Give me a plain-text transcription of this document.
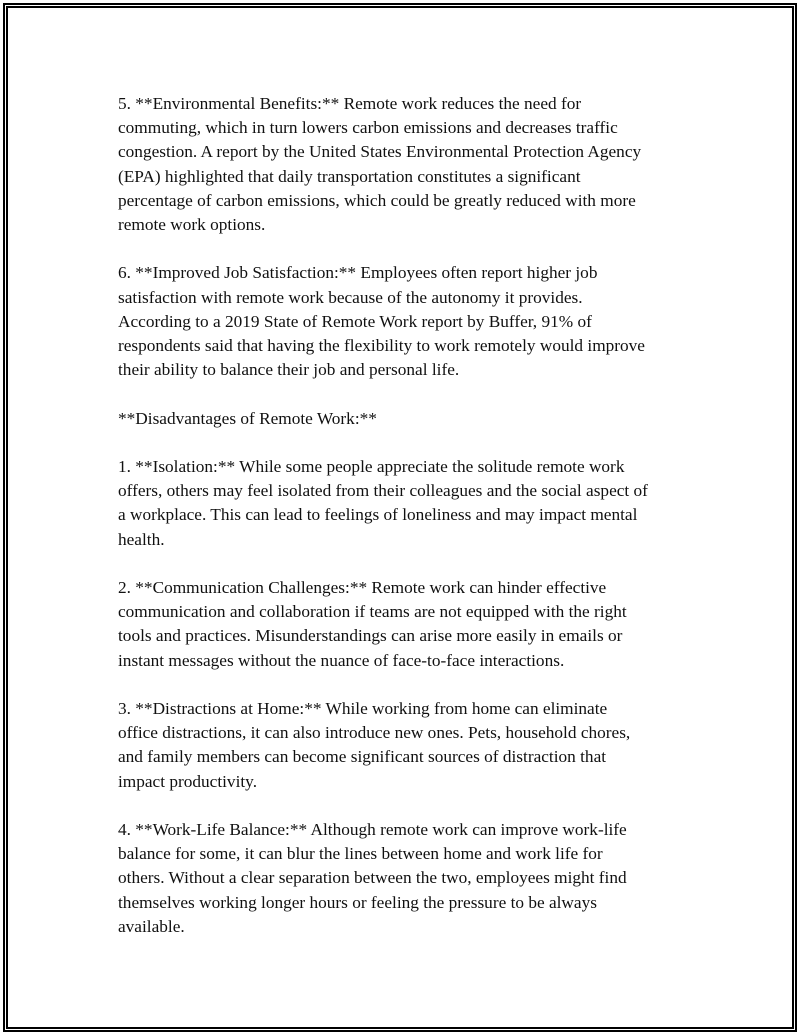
5. **Environmental Benefits:** Remote work reduces the need for
commuting, which in turn lowers carbon emissions and decreases traffic
congestion. A report by the United States Environmental Protection Agency
(EPA) highlighted that daily transportation constitutes a significant
percentage of carbon emissions, which could be greatly reduced with more
remote work options.

6. **Improved Job Satisfaction:** Employees often report higher job
satisfaction with remote work because of the autonomy it provides.
According to a 2019 State of Remote Work report by Buffer, 91% of
respondents said that having the flexibility to work remotely would improve
their ability to balance their job and personal life.

**Disadvantages of Remote Work:**

1. **Isolation:** While some people appreciate the solitude remote work
offers, others may feel isolated from their colleagues and the social aspect of
a workplace. This can lead to feelings of loneliness and may impact mental
health.

2. **Communication Challenges:** Remote work can hinder effective
communication and collaboration if teams are not equipped with the right
tools and practices. Misunderstandings can arise more easily in emails or
instant messages without the nuance of face-to-face interactions.

3. **Distractions at Home:** While working from home can eliminate
office distractions, it can also introduce new ones. Pets, household chores,
and family members can become significant sources of distraction that
impact productivity.

4. **Work-Life Balance:** Although remote work can improve work-life
balance for some, it can blur the lines between home and work life for
others. Without a clear separation between the two, employees might find
themselves working longer hours or feeling the pressure to be always
available.
